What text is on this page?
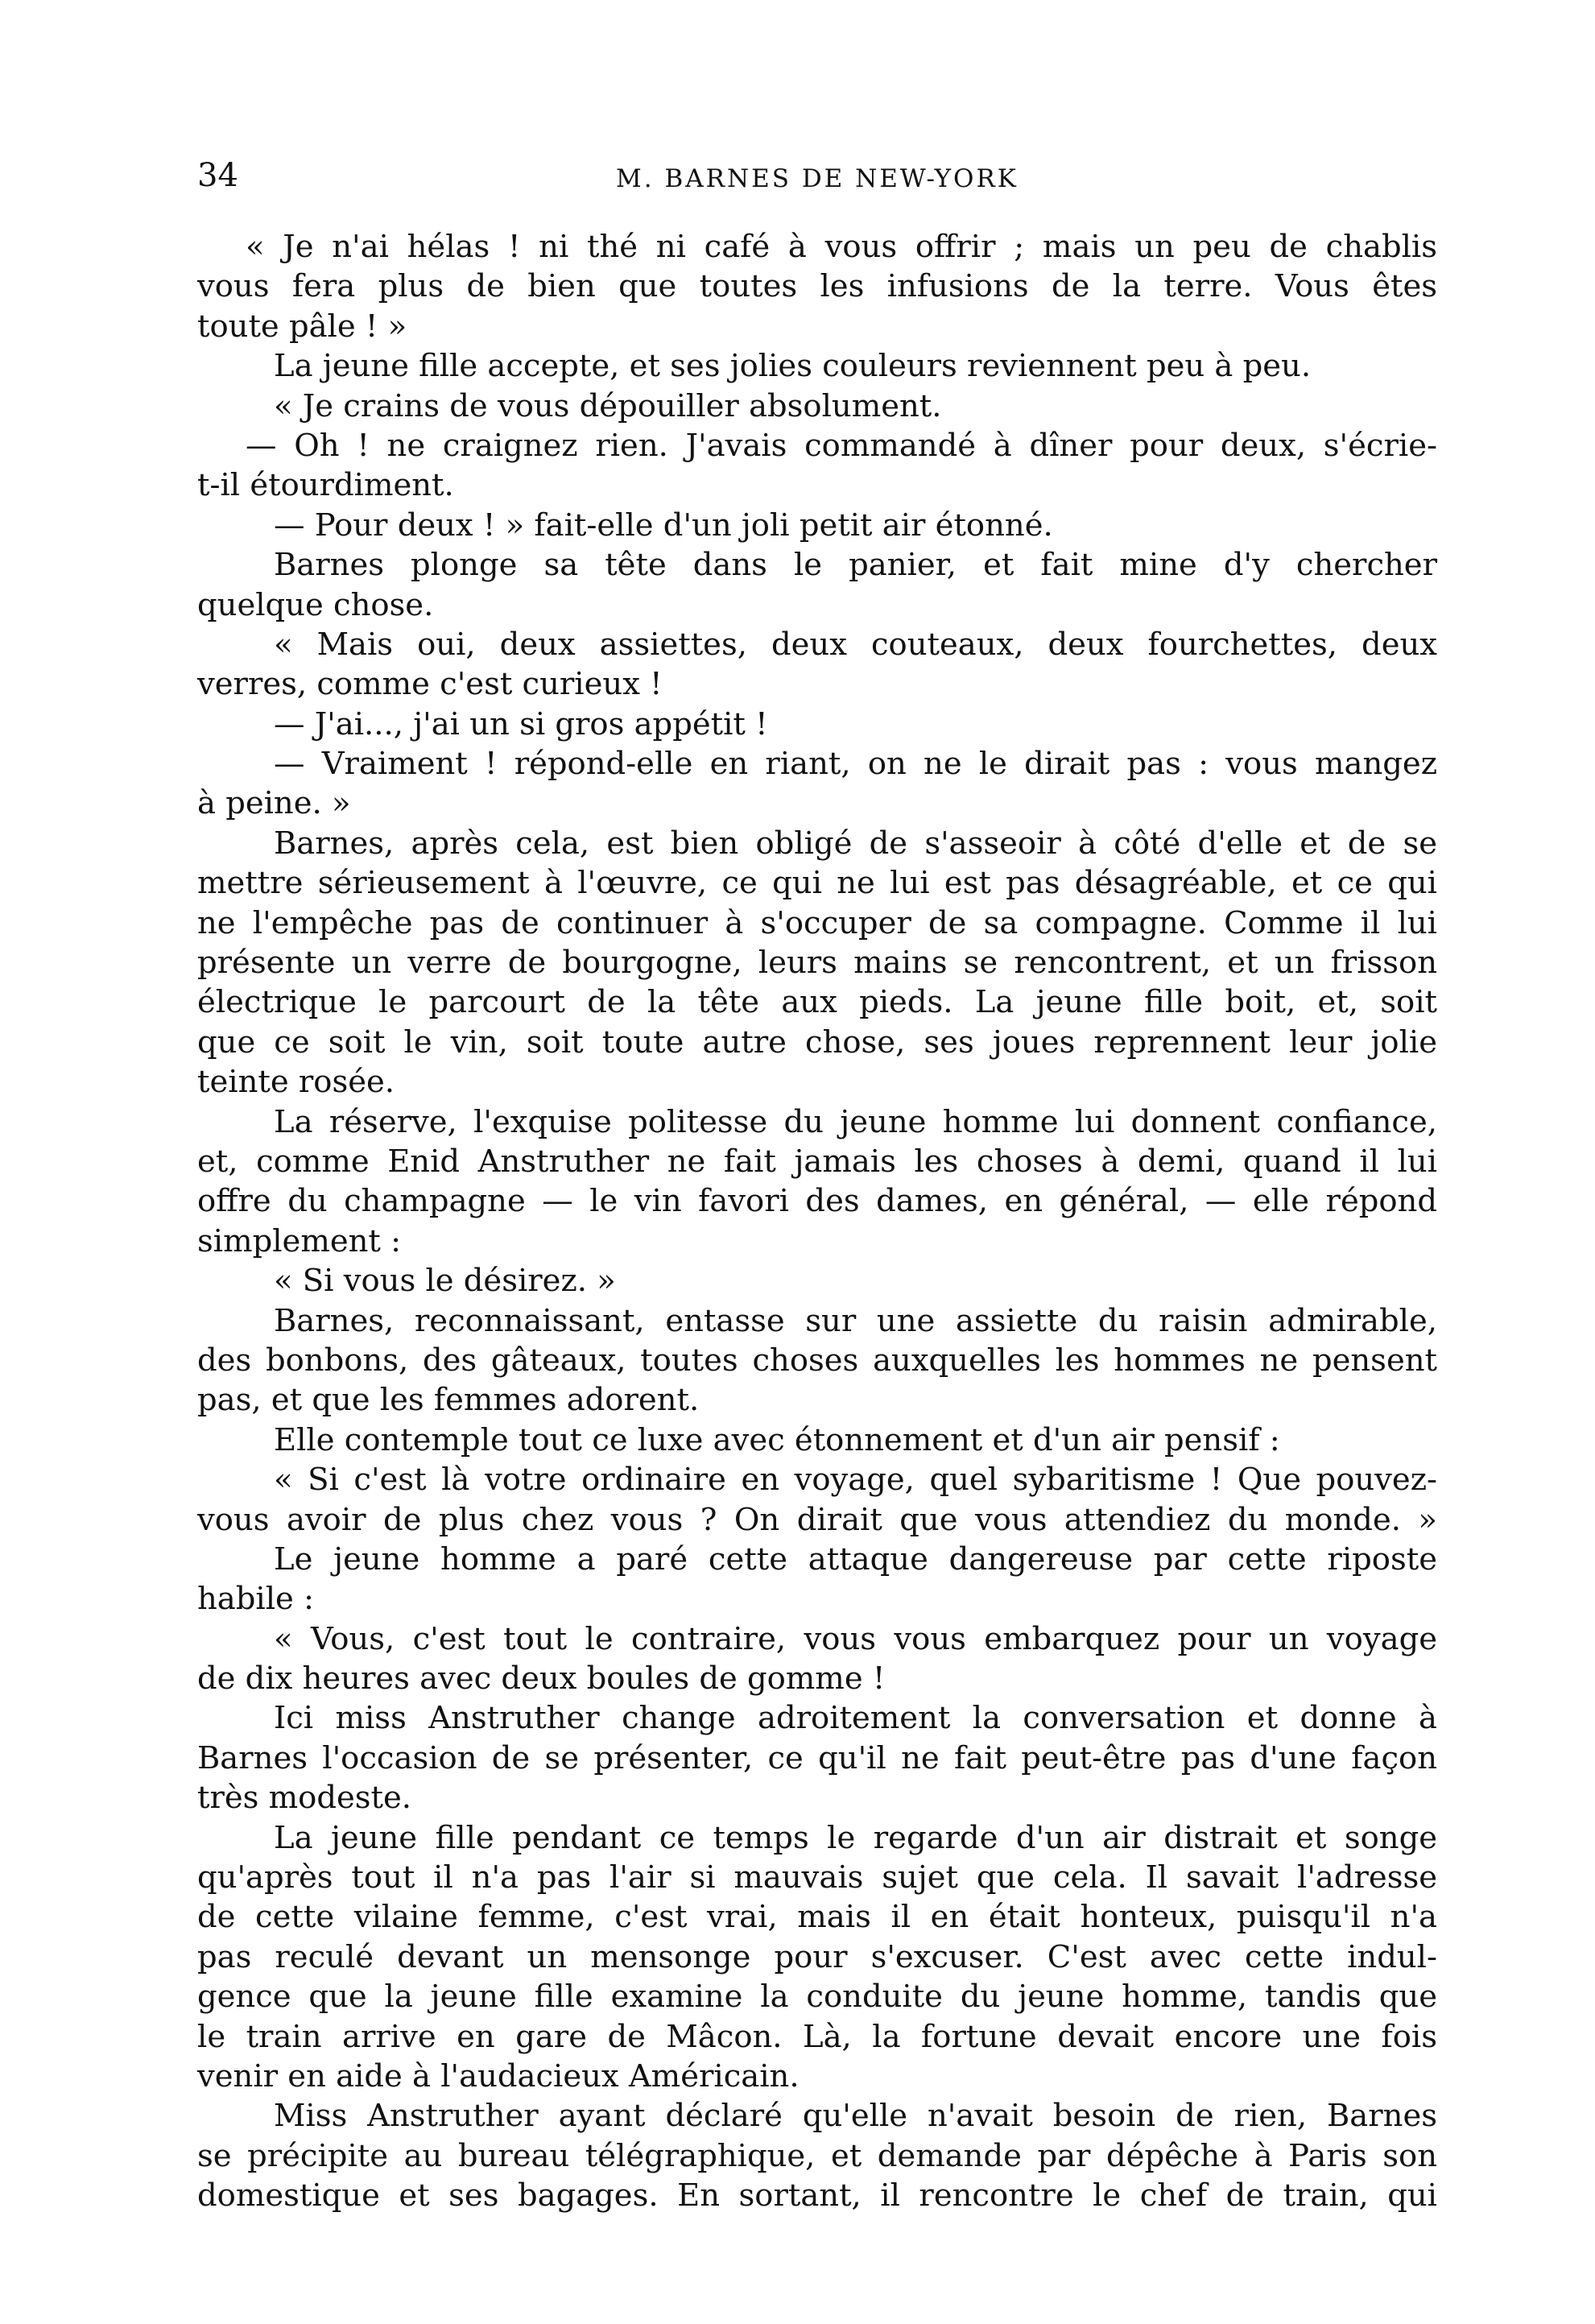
34	M. BARNES DE NEW-YORK
« Je n'ai hélas ! ni thé ni café à vous offrir ; mais un peu de chablis
vous fera plus de bien que toutes les infusions de la terre. Vous êtes
toute pâle ! »
La jeune fille accepte, et ses jolies couleurs reviennent peu à peu.
« Je crains de vous dépouiller absolument.
— Oh ! ne craignez rien. J'avais commandé à dîner pour deux, s'écrie-
t-il étourdiment.
— Pour deux ! » fait-elle d'un joli petit air étonné.
Barnes plonge sa tête dans le panier, et fait mine d'y chercher
quelque chose.
« Mais oui, deux assiettes, deux couteaux, deux fourchettes, deux
verres, comme c'est curieux !
— J'ai..., j'ai un si gros appétit !
— Vraiment ! répond-elle en riant, on ne le dirait pas : vous mangez
à peine. »
Barnes, après cela, est bien obligé de s'asseoir à côté d'elle et de se
mettre sérieusement à l'œuvre, ce qui ne lui est pas désagréable, et ce qui
ne l'empêche pas de continuer à s'occuper de sa compagne. Comme il lui
présente un verre de bourgogne, leurs mains se rencontrent, et un frisson
électrique le parcourt de la tête aux pieds. La jeune fille boit, et, soit
que ce soit le vin, soit toute autre chose, ses joues reprennent leur jolie
teinte rosée.
La réserve, l'exquise politesse du jeune homme lui donnent confiance,
et, comme Enid Anstruther ne fait jamais les choses à demi, quand il lui
offre du champagne — le vin favori des dames, en général, — elle répond
simplement :
« Si vous le désirez. »
Barnes, reconnaissant, entasse sur une assiette du raisin admirable,
des bonbons, des gâteaux, toutes choses auxquelles les hommes ne pensent
pas, et que les femmes adorent.
Elle contemple tout ce luxe avec étonnement et d'un air pensif :
« Si c'est là votre ordinaire en voyage, quel sybaritisme ! Que pouvez-
vous avoir de plus chez vous ? On dirait que vous attendiez du monde. »
Le jeune homme a paré cette attaque dangereuse par cette riposte
habile :
« Vous, c'est tout le contraire, vous vous embarquez pour un voyage
de dix heures avec deux boules de gomme !
Ici miss Anstruther change adroitement la conversation et donne à
Barnes l'occasion de se présenter, ce qu'il ne fait peut-être pas d'une façon
très modeste.
La jeune fille pendant ce temps le regarde d'un air distrait et songe
qu'après tout il n'a pas l'air si mauvais sujet que cela. Il savait l'adresse
de cette vilaine femme, c'est vrai, mais il en était honteux, puisqu'il n'a
pas reculé devant un mensonge pour s'excuser. C'est avec cette indul-
gence que la jeune fille examine la conduite du jeune homme, tandis que
le train arrive en gare de Mâcon. Là, la fortune devait encore une fois
venir en aide à l'audacieux Américain.
Miss Anstruther ayant déclaré qu'elle n'avait besoin de rien, Barnes
se précipite au bureau télégraphique, et demande par dépêche à Paris son
domestique et ses bagages. En sortant, il rencontre le chef de train, qui
